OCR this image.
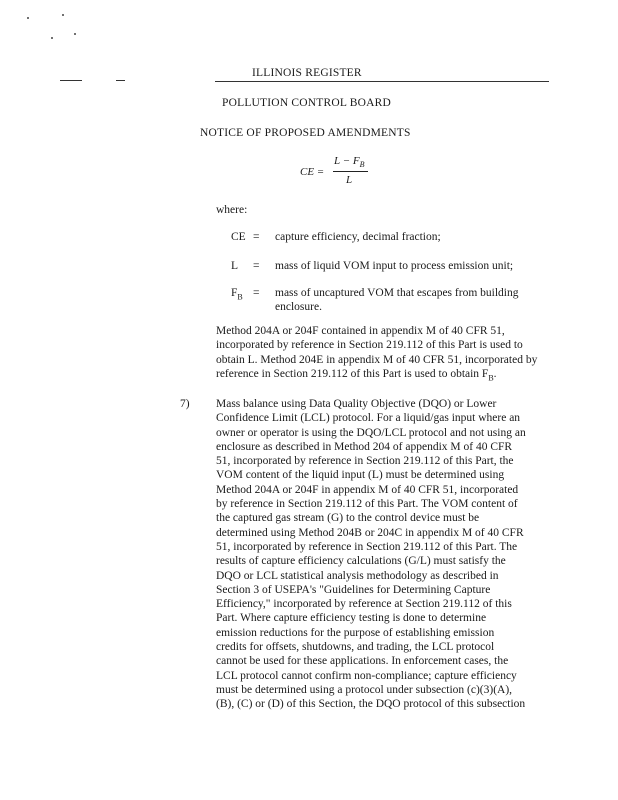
ILLINOIS REGISTER
POLLUTION CONTROL BOARD
NOTICE OF PROPOSED AMENDMENTS
CE =
$L - F_B$
L
where:
CE = capture efficiency, decimal fraction;
L = mass of liquid VOM input to process emission unit;
$F_B$ = mass of uncaptured VOM that escapes from building enclosure.
Method 204A or 204F contained in appendix M of 40 CFR 51, incorporated by reference in Section 219.112 of this Part is used to obtain L. Method 204E in appendix M of 40 CFR 51, incorporated by reference in Section 219.112 of this Part is used to obtain $F_B$.
7) Mass balance using Data Quality Objective (DQO) or Lower
Confidence Limit (LCL) protocol. For a liquid/gas input where an
owner or operator is using the DQO/LCL protocol and not using an
enclosure as described in Method 204 of appendix M of 40 CFR
51, incorporated by reference in Section 219.112 of this Part, the
VOM content of the liquid input (L) must be determined using
Method 204A or 204F in appendix M of 40 CFR 51, incorporated
by reference in Section 219.112 of this Part. The VOM content of
the captured gas stream (G) to the control device must be
determined using Method 204B or 204C in appendix M of 40 CFR
51, incorporated by reference in Section 219.112 of this Part. The
results of capture efficiency calculations (G/L) must satisfy the
DQO or LCL statistical analysis methodology as described in
Section 3 of USEPA's "Guidelines for Determining Capture
Efficiency," incorporated by reference at Section 219.112 of this
Part. Where capture efficiency testing is done to determine
emission reductions for the purpose of establishing emission
credits for offsets, shutdowns, and trading, the LCL protocol
cannot be used for these applications. In enforcement cases, the
LCL protocol cannot confirm non-compliance; capture efficiency
must be determined using a protocol under subsection (c)(3)(A),
(B), (C) or (D) of this Section, the DQO protocol of this subsection
